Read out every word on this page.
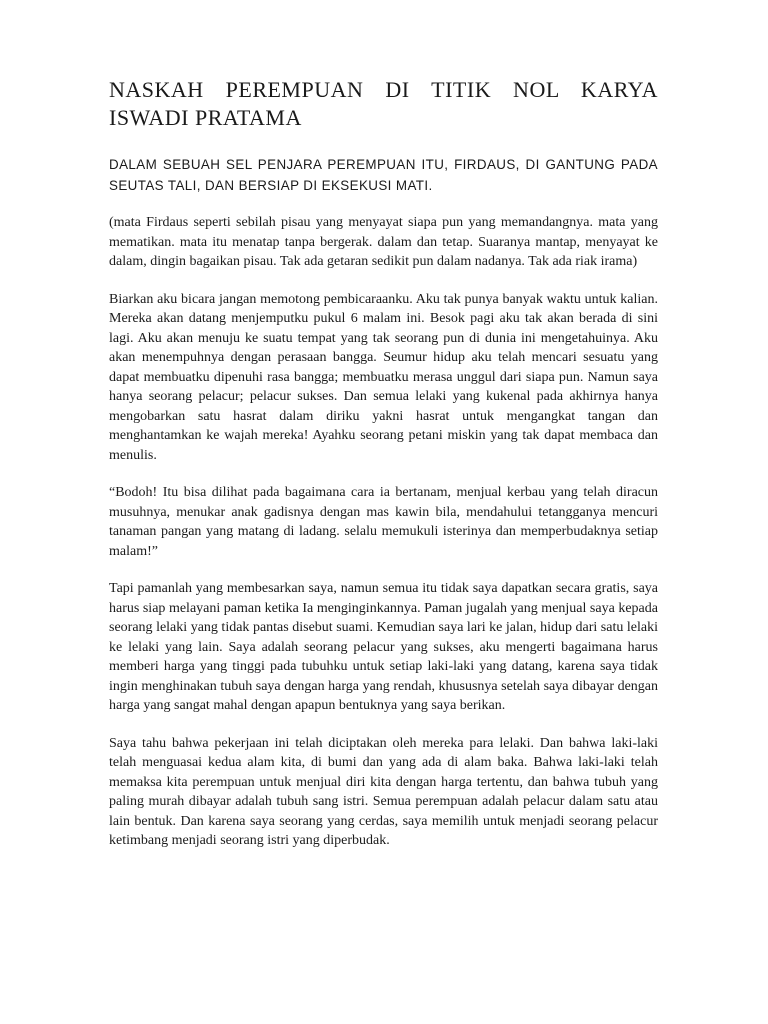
NASKAH PEREMPUAN DI TITIK NOL KARYA ISWADI PRATAMA

DALAM SEBUAH SEL PENJARA PEREMPUAN ITU, FIRDAUS, DI GANTUNG PADA SEUTAS TALI, DAN BERSIAP DI EKSEKUSI MATI.

(mata Firdaus seperti sebilah pisau yang menyayat siapa pun yang memandangnya. mata yang mematikan. mata itu menatap tanpa bergerak. dalam dan tetap. Suaranya mantap, menyayat ke dalam, dingin bagaikan pisau. Tak ada getaran sedikit pun dalam nadanya. Tak ada riak irama)

Biarkan aku bicara jangan memotong pembicaraanku. Aku tak punya banyak waktu untuk kalian. Mereka akan datang menjemputku pukul 6 malam ini. Besok pagi aku tak akan berada di sini lagi. Aku akan menuju ke suatu tempat yang tak seorang pun di dunia ini mengetahuinya. Aku akan menempuhnya dengan perasaan bangga. Seumur hidup aku telah mencari sesuatu yang dapat membuatku dipenuhi rasa bangga; membuatku merasa unggul dari siapa pun. Namun saya hanya seorang pelacur; pelacur sukses. Dan semua lelaki yang kukenal pada akhirnya hanya mengobarkan satu hasrat dalam diriku yakni hasrat untuk mengangkat tangan dan menghantamkan ke wajah mereka! Ayahku seorang petani miskin yang tak dapat membaca dan menulis.

“Bodoh! Itu bisa dilihat pada bagaimana cara ia bertanam, menjual kerbau yang telah diracun musuhnya, menukar anak gadisnya dengan mas kawin bila, mendahului tetangganya mencuri tanaman pangan yang matang di ladang. selalu memukuli isterinya dan memperbudaknya setiap malam!”

Tapi pamanlah yang membesarkan saya, namun semua itu tidak saya dapatkan secara gratis, saya harus siap melayani paman ketika Ia menginginkannya. Paman jugalah yang menjual saya kepada seorang lelaki yang tidak pantas disebut suami. Kemudian saya lari ke jalan, hidup dari satu lelaki ke lelaki yang lain. Saya adalah seorang pelacur yang sukses, aku mengerti bagaimana harus memberi harga yang tinggi pada tubuhku untuk setiap laki-laki yang datang, karena saya tidak ingin menghinakan tubuh saya dengan harga yang rendah, khususnya setelah saya dibayar dengan harga yang sangat mahal dengan apapun bentuknya yang saya berikan.

Saya tahu bahwa pekerjaan ini telah diciptakan oleh mereka para lelaki. Dan bahwa laki-laki telah menguasai kedua alam kita, di bumi dan yang ada di alam baka. Bahwa laki-laki telah memaksa kita perempuan untuk menjual diri kita dengan harga tertentu, dan bahwa tubuh yang paling murah dibayar adalah tubuh sang istri. Semua perempuan adalah pelacur dalam satu atau lain bentuk. Dan karena saya seorang yang cerdas, saya memilih untuk menjadi seorang pelacur ketimbang menjadi seorang istri yang diperbudak.
